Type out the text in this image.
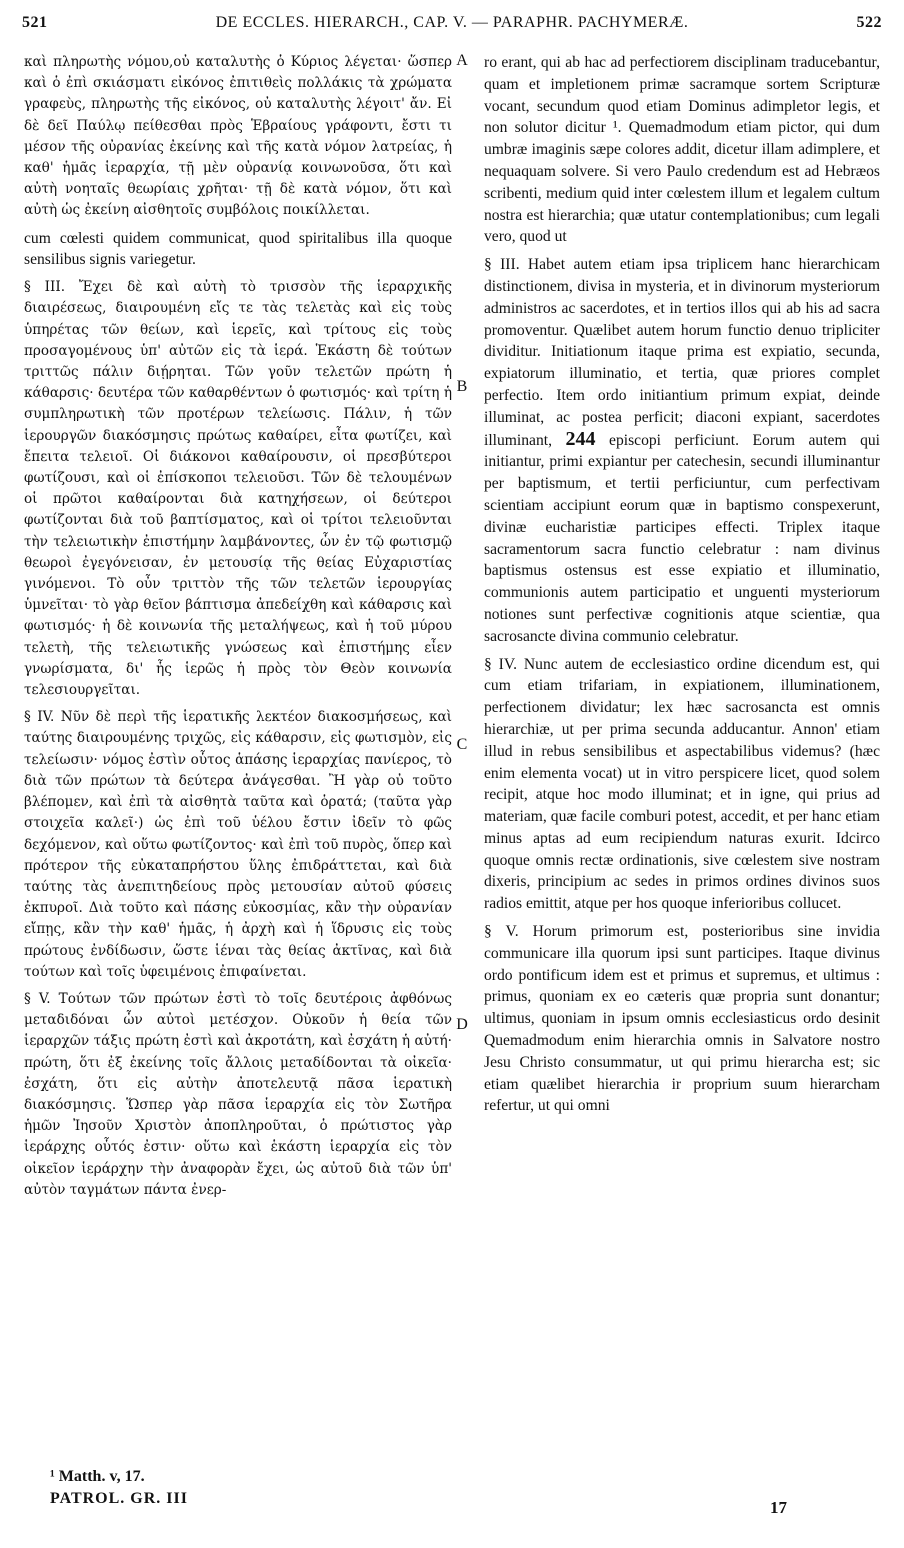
521	DE ECCLES. HIERARCH., CAP. V. — PARAPHR. PACHYMERÆ.	522

καὶ πληρωτὴς νόμου,οὐ καταλυτὴς ὁ Κύριος λέγεται· ὥσπερ καὶ ὁ ἐπὶ σκιάσματι εἰκόνος ἐπιτιθεὶς πολλάκις τὰ χρώματα γραφεὺς, πληρωτὴς τῆς εἰκόνος, οὐ καταλυτὴς λέγοιτ' ἄν. Εἰ δὲ δεῖ Παύλῳ πείθεσθαι πρὸς Ἑβραίους γράφοντι, ἔστι τι μέσον τῆς οὐρανίας ἐκείνης καὶ τῆς κατὰ νόμον λατρείας, ἡ καθ' ἡμᾶς ἱεραρχία, τῇ μὲν οὐρανίᾳ κοινωνοῦσα, ὅτι καὶ αὐτὴ νοηταῖς θεωρίαις χρῆται· τῇ δὲ κατὰ νόμον, ὅτι καὶ αὐτὴ ὡς ἐκείνη αἰσθητοῖς συμβόλοις ποικίλλεται.

cum cœlesti quidem communicat, quod spiritalibus illa quoque sensilibus signis variegetur.

§ III. Ἔχει δὲ καὶ αὐτὴ τὸ τρισσὸν τῆς ἱεραρχικῆς διαιρέσεως, διαιρουμένη εἴς τε τὰς τελετὰς καὶ εἰς τοὺς ὑπηρέτας τῶν θείων, καὶ ἱερεῖς, καὶ τρίτους εἰς τοὺς προσαγομένους ὑπ' αὐτῶν εἰς τὰ ἱερά. Ἑκάστη δὲ τούτων τριττῶς πάλιν διῄρηται. Τῶν γοῦν τελετῶν πρώτη ἡ κάθαρσις· δευτέρα τῶν καθαρθέντων ὁ φωτισμός· καὶ τρίτη ἡ συμπληρωτικὴ τῶν προτέρων τελείωσις. Πάλιν, ἡ τῶν ἱερουργῶν διακόσμησις πρώτως καθαίρει, εἶτα φωτίζει, καὶ ἔπειτα τελειοῖ. Οἱ διάκονοι καθαίρουσιν, οἱ πρεσβύτεροι φωτίζουσι, καὶ οἱ ἐπίσκοποι τελειοῦσι. Τῶν δὲ τελουμένων οἱ πρῶτοι καθαίρονται διὰ κατηχήσεων, οἱ δεύτεροι φωτίζονται διὰ τοῦ βαπτίσματος, καὶ οἱ τρίτοι τελειοῦνται τὴν τελειωτικὴν ἐπιστήμην λαμβάνοντες, ὧν ἐν τῷ φωτισμῷ θεωροὶ ἐγεγόνεισαν, ἐν μετουσίᾳ τῆς θείας Εὐχαριστίας γινόμενοι. Τὸ οὖν τριττὸν τῆς τῶν τελετῶν ἱερουργίας ὑμνεῖται· τὸ γὰρ θεῖον βάπτισμα ἀπεδείχθη καὶ κάθαρσις καὶ φωτισμός· ἡ δὲ κοινωνία τῆς μεταλήψεως, καὶ ἡ τοῦ μύρου τελετὴ, τῆς τελειωτικῆς γνώσεως καὶ ἐπιστήμης εἶεν γνωρίσματα, δι' ἧς ἱερῶς ἡ πρὸς τὸν Θεὸν κοινωνία τελεσιουργεῖται.

§ IV. Νῦν δὲ περὶ τῆς ἱερατικῆς λεκτέον διακοσμήσεως, καὶ ταύτης διαιρουμένης τριχῶς, εἰς κάθαρσιν, εἰς φωτισμὸν, εἰς τελείωσιν· νόμος ἐστὶν οὗτος ἁπάσης ἱεραρχίας πανίερος, τὸ διὰ τῶν πρώτων τὰ δεύτερα ἀνάγεσθαι. Ἢ γὰρ οὐ τοῦτο βλέπομεν, καὶ ἐπὶ τὰ αἰσθητὰ ταῦτα καὶ ὁρατά; (ταῦτα γὰρ στοιχεῖα καλεῖ·) ὡς ἐπὶ τοῦ ὑέλου ἔστιν ἰδεῖν τὸ φῶς δεχόμενον, καὶ οὕτω φωτίζοντος· καὶ ἐπὶ τοῦ πυρὸς, ὅπερ καὶ πρότερον τῆς εὐκαταπρήστου ὕλης ἐπιδράττεται, καὶ διὰ ταύτης τὰς ἀνεπιτηδείους πρὸς μετουσίαν αὐτοῦ φύσεις ἐκπυροῖ. Διὰ τοῦτο καὶ πάσης εὐκοσμίας, κἂν τὴν οὐρανίαν εἴπῃς, κἂν τὴν καθ' ἡμᾶς, ἡ ἀρχὴ καὶ ἡ ἵδρυσις εἰς τοὺς πρώτους ἐνδίδωσιν, ὥστε ἱέναι τὰς θείας ἀκτῖνας, καὶ διὰ τούτων καὶ τοῖς ὑφειμένοις ἐπιφαίνεται.

§ V. Τούτων τῶν πρώτων ἐστὶ τὸ τοῖς δευτέροις ἀφθόνως μεταδιδόναι ὧν αὐτοὶ μετέσχον. Οὐκοῦν ἡ θεία τῶν ἱεραρχῶν τάξις πρώτη ἐστὶ καὶ ἀκροτάτη, καὶ ἐσχάτη ἡ αὐτή· πρώτη, ὅτι ἐξ ἐκείνης τοῖς ἄλλοις μεταδίδονται τὰ οἰκεῖα· ἐσχάτη, ὅτι εἰς αὐτὴν ἀποτελευτᾷ πᾶσα ἱερατικὴ διακόσμησις. Ὥσπερ γὰρ πᾶσα ἱεραρχία εἰς τὸν Σωτῆρα ἡμῶν Ἰησοῦν Χριστὸν ἀποπληροῦται, ὁ πρώτιστος γὰρ ἱεράρχης οὗτός ἐστιν· οὕτω καὶ ἑκάστη ἱεραρχία εἰς τὸν οἰκεῖον ἱεράρχην τὴν ἀναφορὰν ἔχει, ὡς αὐτοῦ διὰ τῶν ὑπ' αὐτὸν ταγμάτων πάντα ἐνερ-

A
B
C
D

ro erant, qui ab hac ad perfectiorem disciplinam traducebantur, quam et impletionem primæ sacramque sortem Scripturæ vocant, secundum quod etiam Dominus adimpletor legis, et non solutor dicitur ¹. Quemadmodum etiam pictor, qui dum umbræ imaginis sæpe colores addit, dicetur illam adimplere, et nequaquam solvere. Si vero Paulo credendum est ad Hebræos scribenti, medium quid inter cœlestem illum et legalem cultum nostra est hierarchia; quæ utatur contemplationibus; cum legali vero, quod ut

§ III. Habet autem etiam ipsa triplicem hanc hierarchicam distinctionem, divisa in mysteria, et in divinorum mysteriorum administros ac sacerdotes, et in tertios illos qui ab his ad sacra promoventur. Quælibet autem horum functio denuo tripliciter dividitur. Initiationum itaque prima est expiatio, secunda, expiatorum illuminatio, et tertia, quæ priores complet perfectio. Item ordo initiantium primum expiat, deinde illuminat, ac postea perficit; diaconi expiant, sacerdotes illuminant, 244 episcopi perficiunt. Eorum autem qui initiantur, primi expiantur per catechesin, secundi illuminantur per baptismum, et tertii perficiuntur, cum perfectivam scientiam accipiunt eorum quæ in baptismo conspexerunt, divinæ eucharistiæ participes effecti. Triplex itaque sacramentorum sacra functio celebratur : nam divinus baptismus ostensus est esse expiatio et illuminatio, communionis autem participatio et unguenti mysteriorum notiones sunt perfectivæ cognitionis atque scientiæ, qua sacrosancte divina communio celebratur.

§ IV. Nunc autem de ecclesiastico ordine dicendum est, qui cum etiam trifariam, in expiationem, illuminationem, perfectionem dividatur; lex hæc sacrosancta est omnis hierarchiæ, ut per prima secunda adducantur. Annon' etiam illud in rebus sensibilibus et aspectabilibus videmus? (hæc enim elementa vocat) ut in vitro perspicere licet, quod solem recipit, atque hoc modo illuminat; et in igne, qui prius ad materiam, quæ facile comburi potest, accedit, et per hanc etiam minus aptas ad eum recipiendum naturas exurit. Idcirco quoque omnis rectæ ordinationis, sive cœlestem sive nostram dixeris, principium ac sedes in primos ordines divinos suos radios emittit, atque per hos quoque inferioribus collucet.

§ V. Horum primorum est, posterioribus sine invidia communicare illa quorum ipsi sunt participes. Itaque divinus ordo pontificum idem est et primus et supremus, et ultimus : primus, quoniam ex eo cæteris quæ propria sunt donantur; ultimus, quoniam in ipsum omnis ecclesiasticus ordo desinit Quemadmodum enim hierarchia omnis in Salvatore nostro Jesu Christo consummatur, ut qui primu hierarcha est; sic etiam quælibet hierarchia ir proprium suum hierarcham refertur, ut qui omni

¹ Matth. v, 17.
PATROL. GR. III	17
